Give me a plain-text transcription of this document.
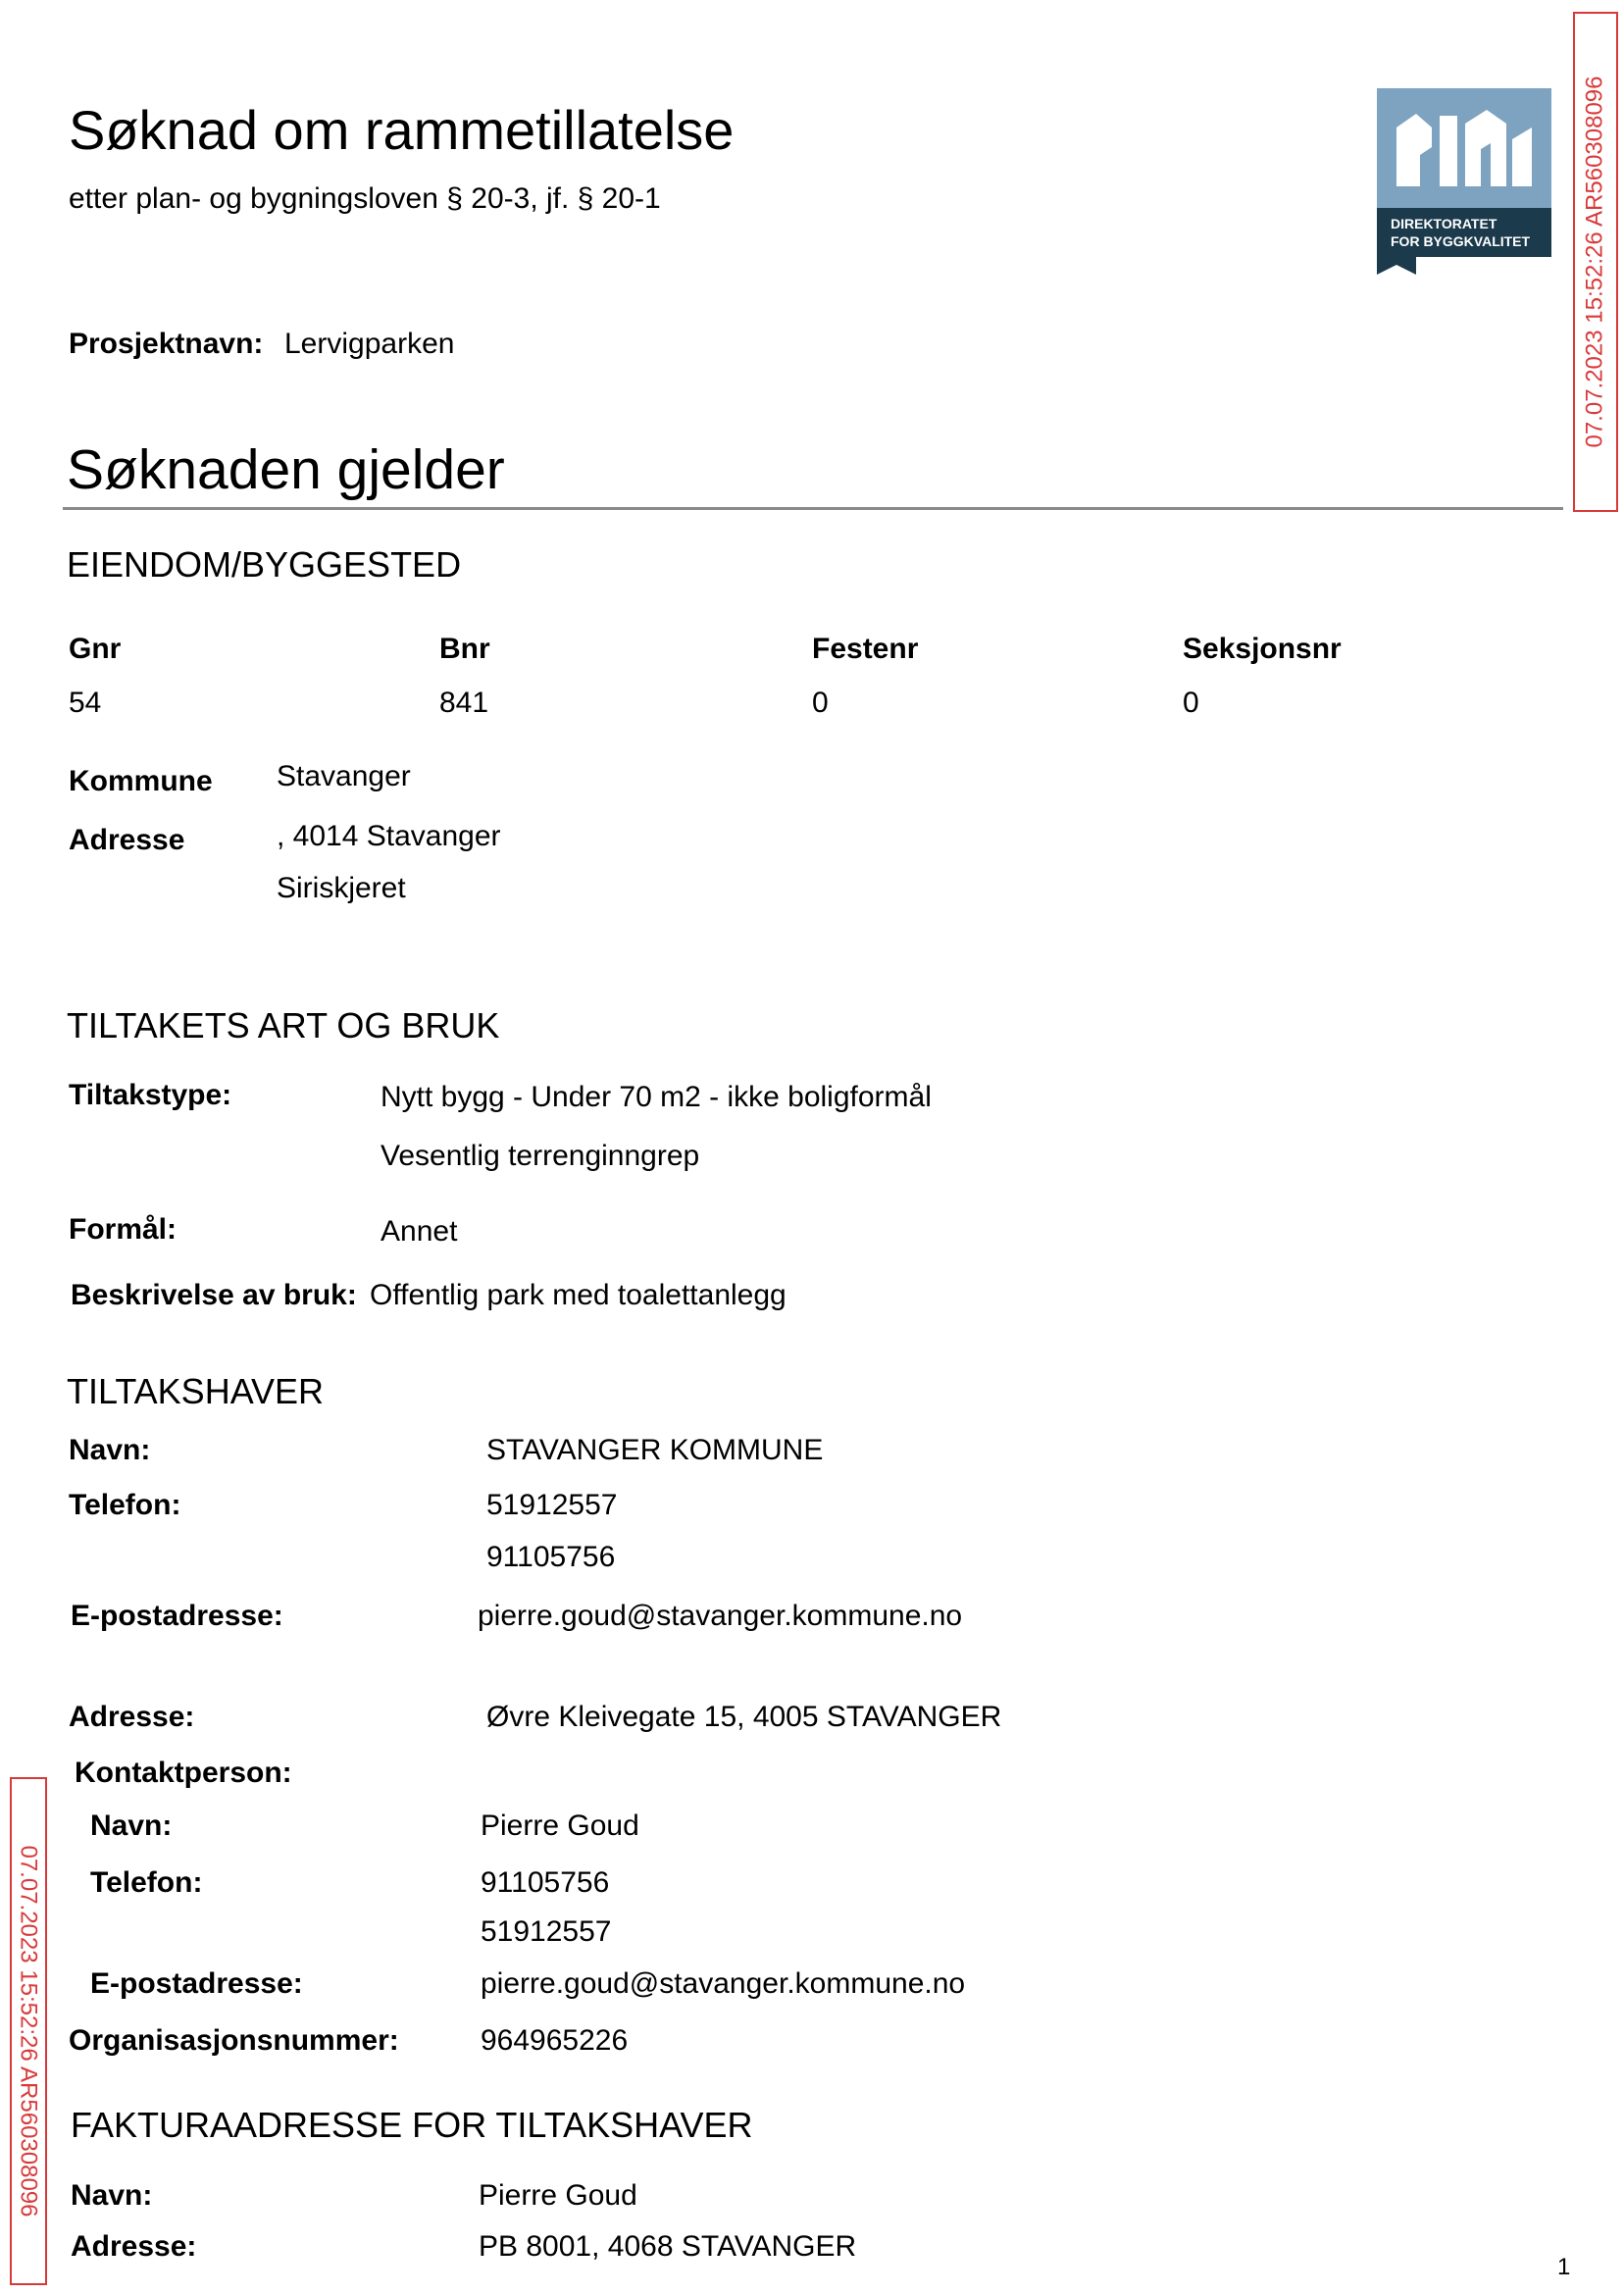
Søknad om rammetillatelse
etter plan- og bygningsloven § 20-3, jf. § 20-1
Prosjektnavn: Lervigparken
DIREKTORATET
FOR BYGGKVALITET 07.07.2023 15:52:26 AR560308096
Søknaden gjelder
EIENDOM/BYGGESTED
Gnr	Bnr	Festenr	Seksjonsnr
54	841	0	0
Kommune Stavanger
Adresse	, 4014 Stavanger
Siriskjeret
TILTAKETS ART OG BRUK
Tiltakstype:	Nytt bygg - Under 70 m2 - ikke boligformål
Vesentlig terrenginngrep
Formål:	Annet
Beskrivelse av bruk: Offentlig park med toalettanlegg
TILTAKSHAVER
Navn:	STAVANGER KOMMUNE
Telefon:	51912557
91105756
E-postadresse:	pierre.goud@stavanger.kommune.no
Adresse:	Øvre Kleivegate 15, 4005 STAVANGER
Kontaktperson:
Navn:	Pierre Goud
Telefon:	91105756
51912557
E-postadresse:	pierre.goud@stavanger.kommune.no
Organisasjonsnummer:	964965226
07.07.2023 15:52:26 AR560308096 FAKTURAADRESSE FOR TILTAKSHAVER
Navn:	Pierre Goud
Adresse:	PB 8001, 4068 STAVANGER
1
